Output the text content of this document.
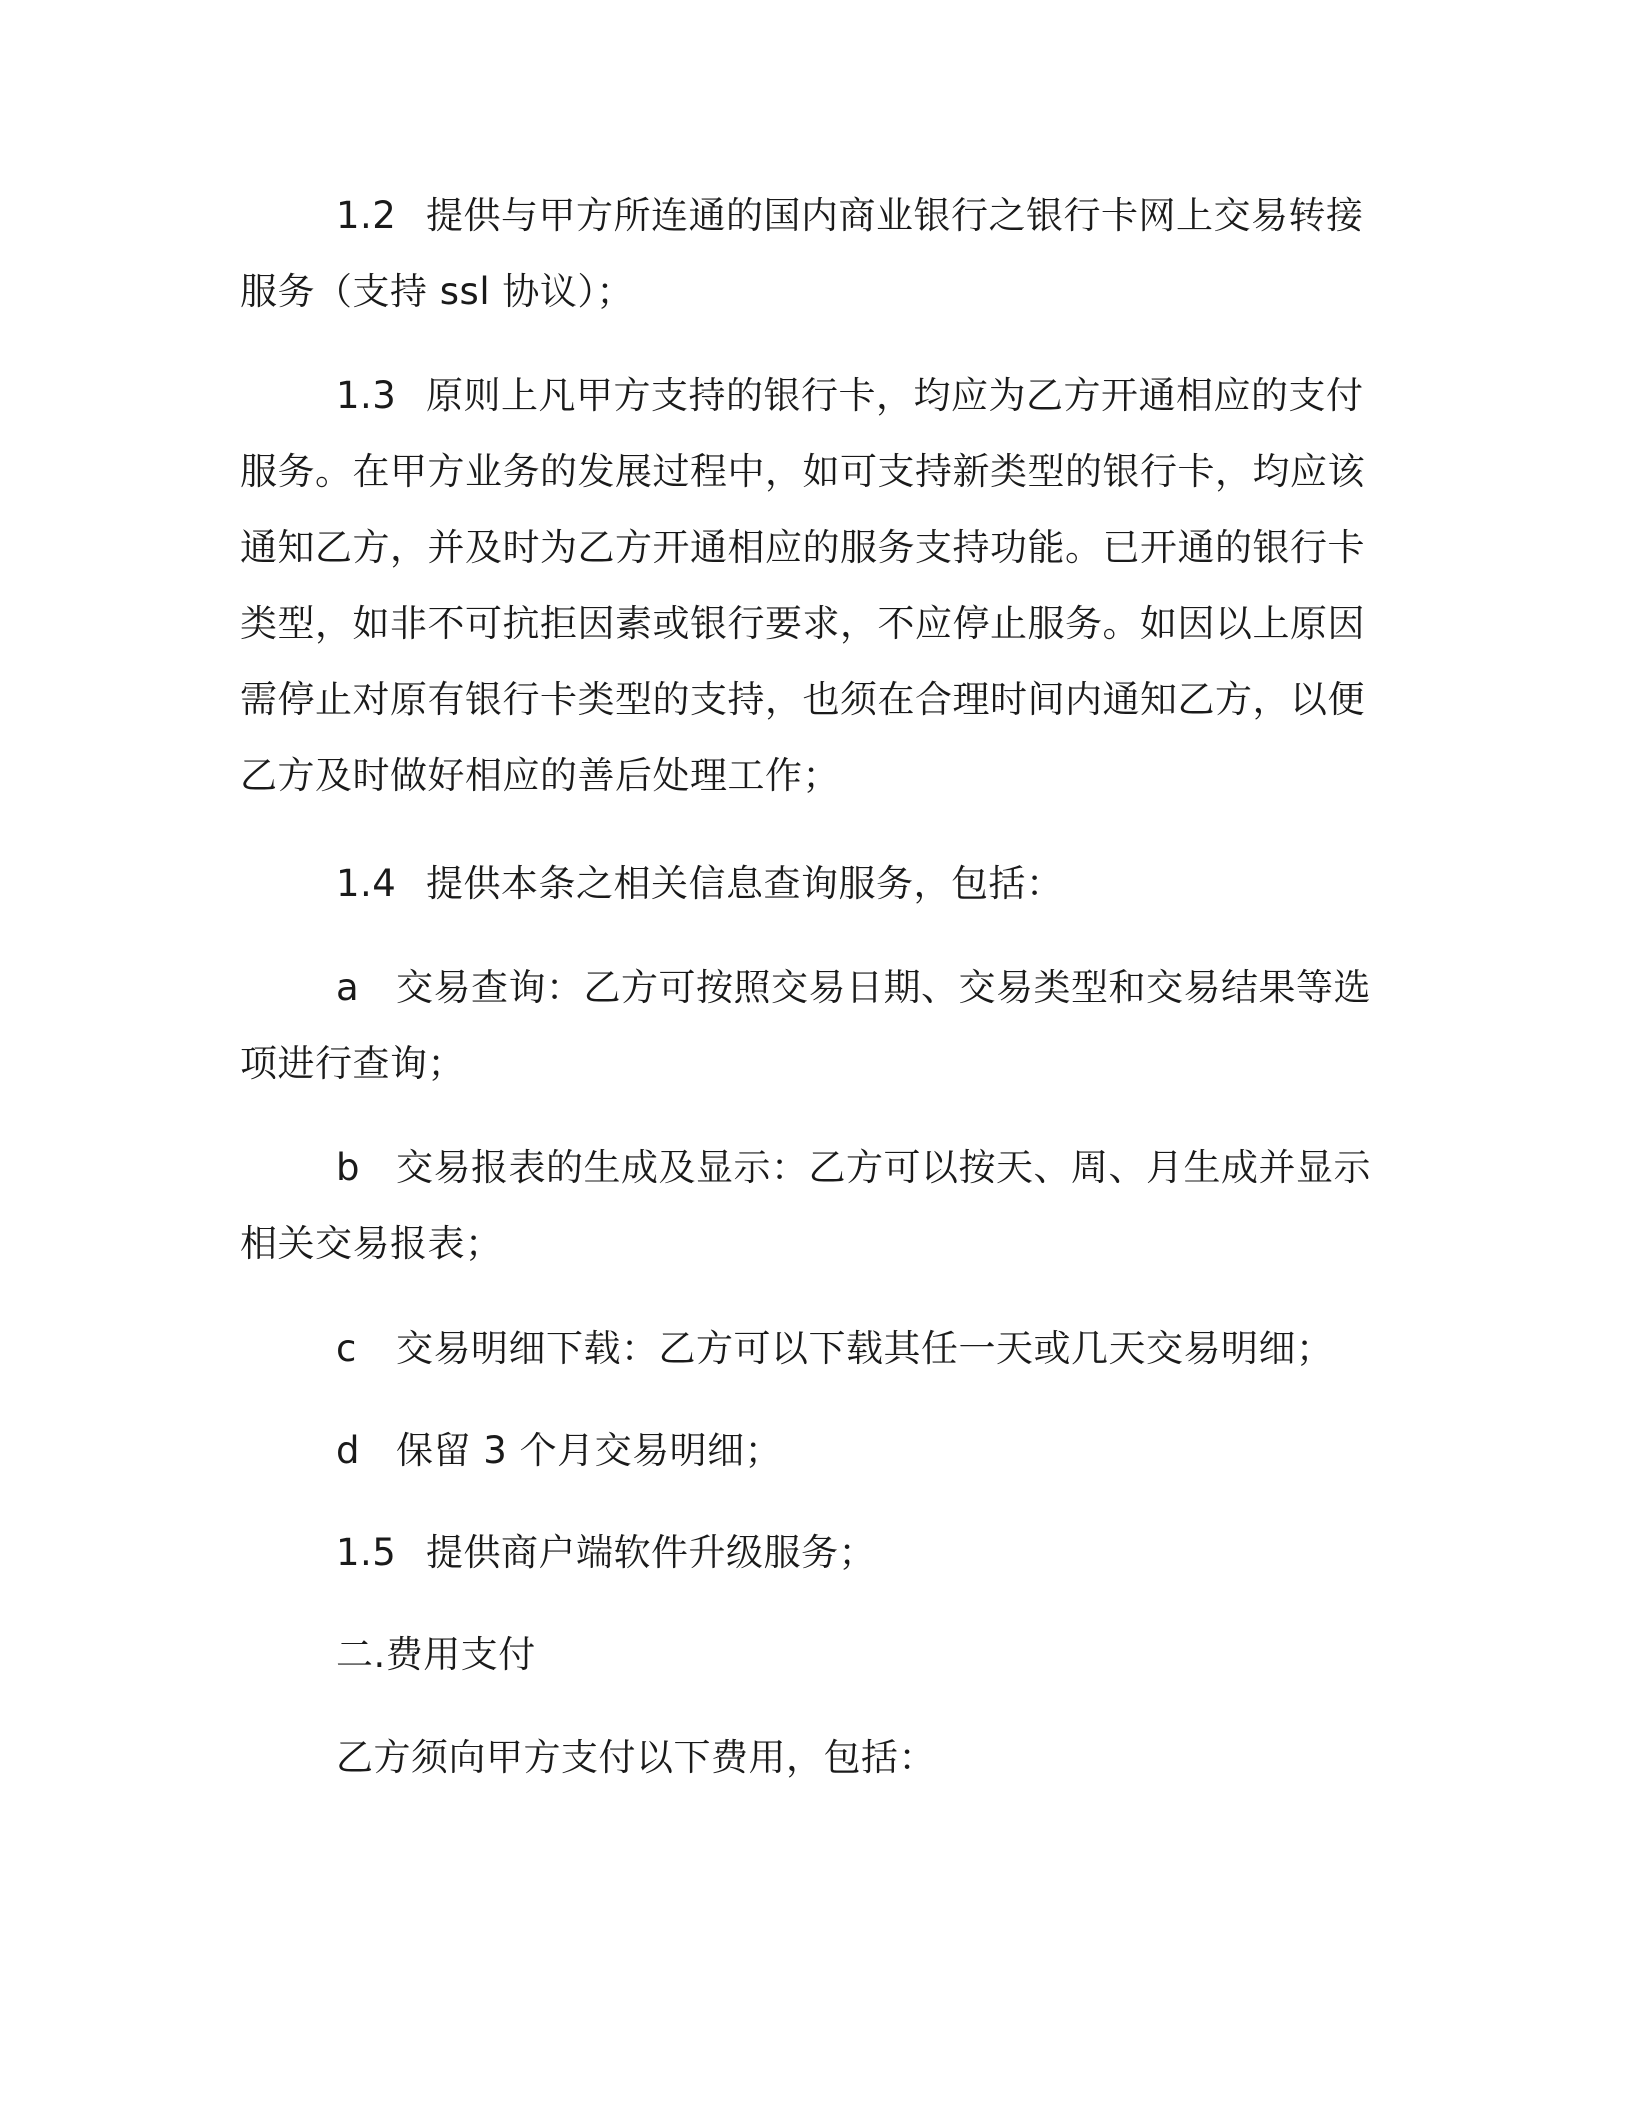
1.2 提供与甲方所连通的国内商业银行之银行卡网上交易转接
服务（支持 ssl 协议）；
1.3 原则上凡甲方支持的银行卡，均应为乙方开通相应的支付
服务。在甲方业务的发展过程中，如可支持新类型的银行卡，均应该
通知乙方，并及时为乙方开通相应的服务支持功能。已开通的银行卡
类型，如非不可抗拒因素或银行要求，不应停止服务。如因以上原因
需停止对原有银行卡类型的支持，也须在合理时间内通知乙方，以便
乙方及时做好相应的善后处理工作；
1.4 提供本条之相关信息查询服务，包括：
a 交易查询：乙方可按照交易日期、交易类型和交易结果等选
项进行查询；
b 交易报表的生成及显示：乙方可以按天、周、月生成并显示
相关交易报表；
c 交易明细下载：乙方可以下载其任一天或几天交易明细；
d 保留 3 个月交易明细；
1.5 提供商户端软件升级服务；
二.费用支付
乙方须向甲方支付以下费用，包括：
